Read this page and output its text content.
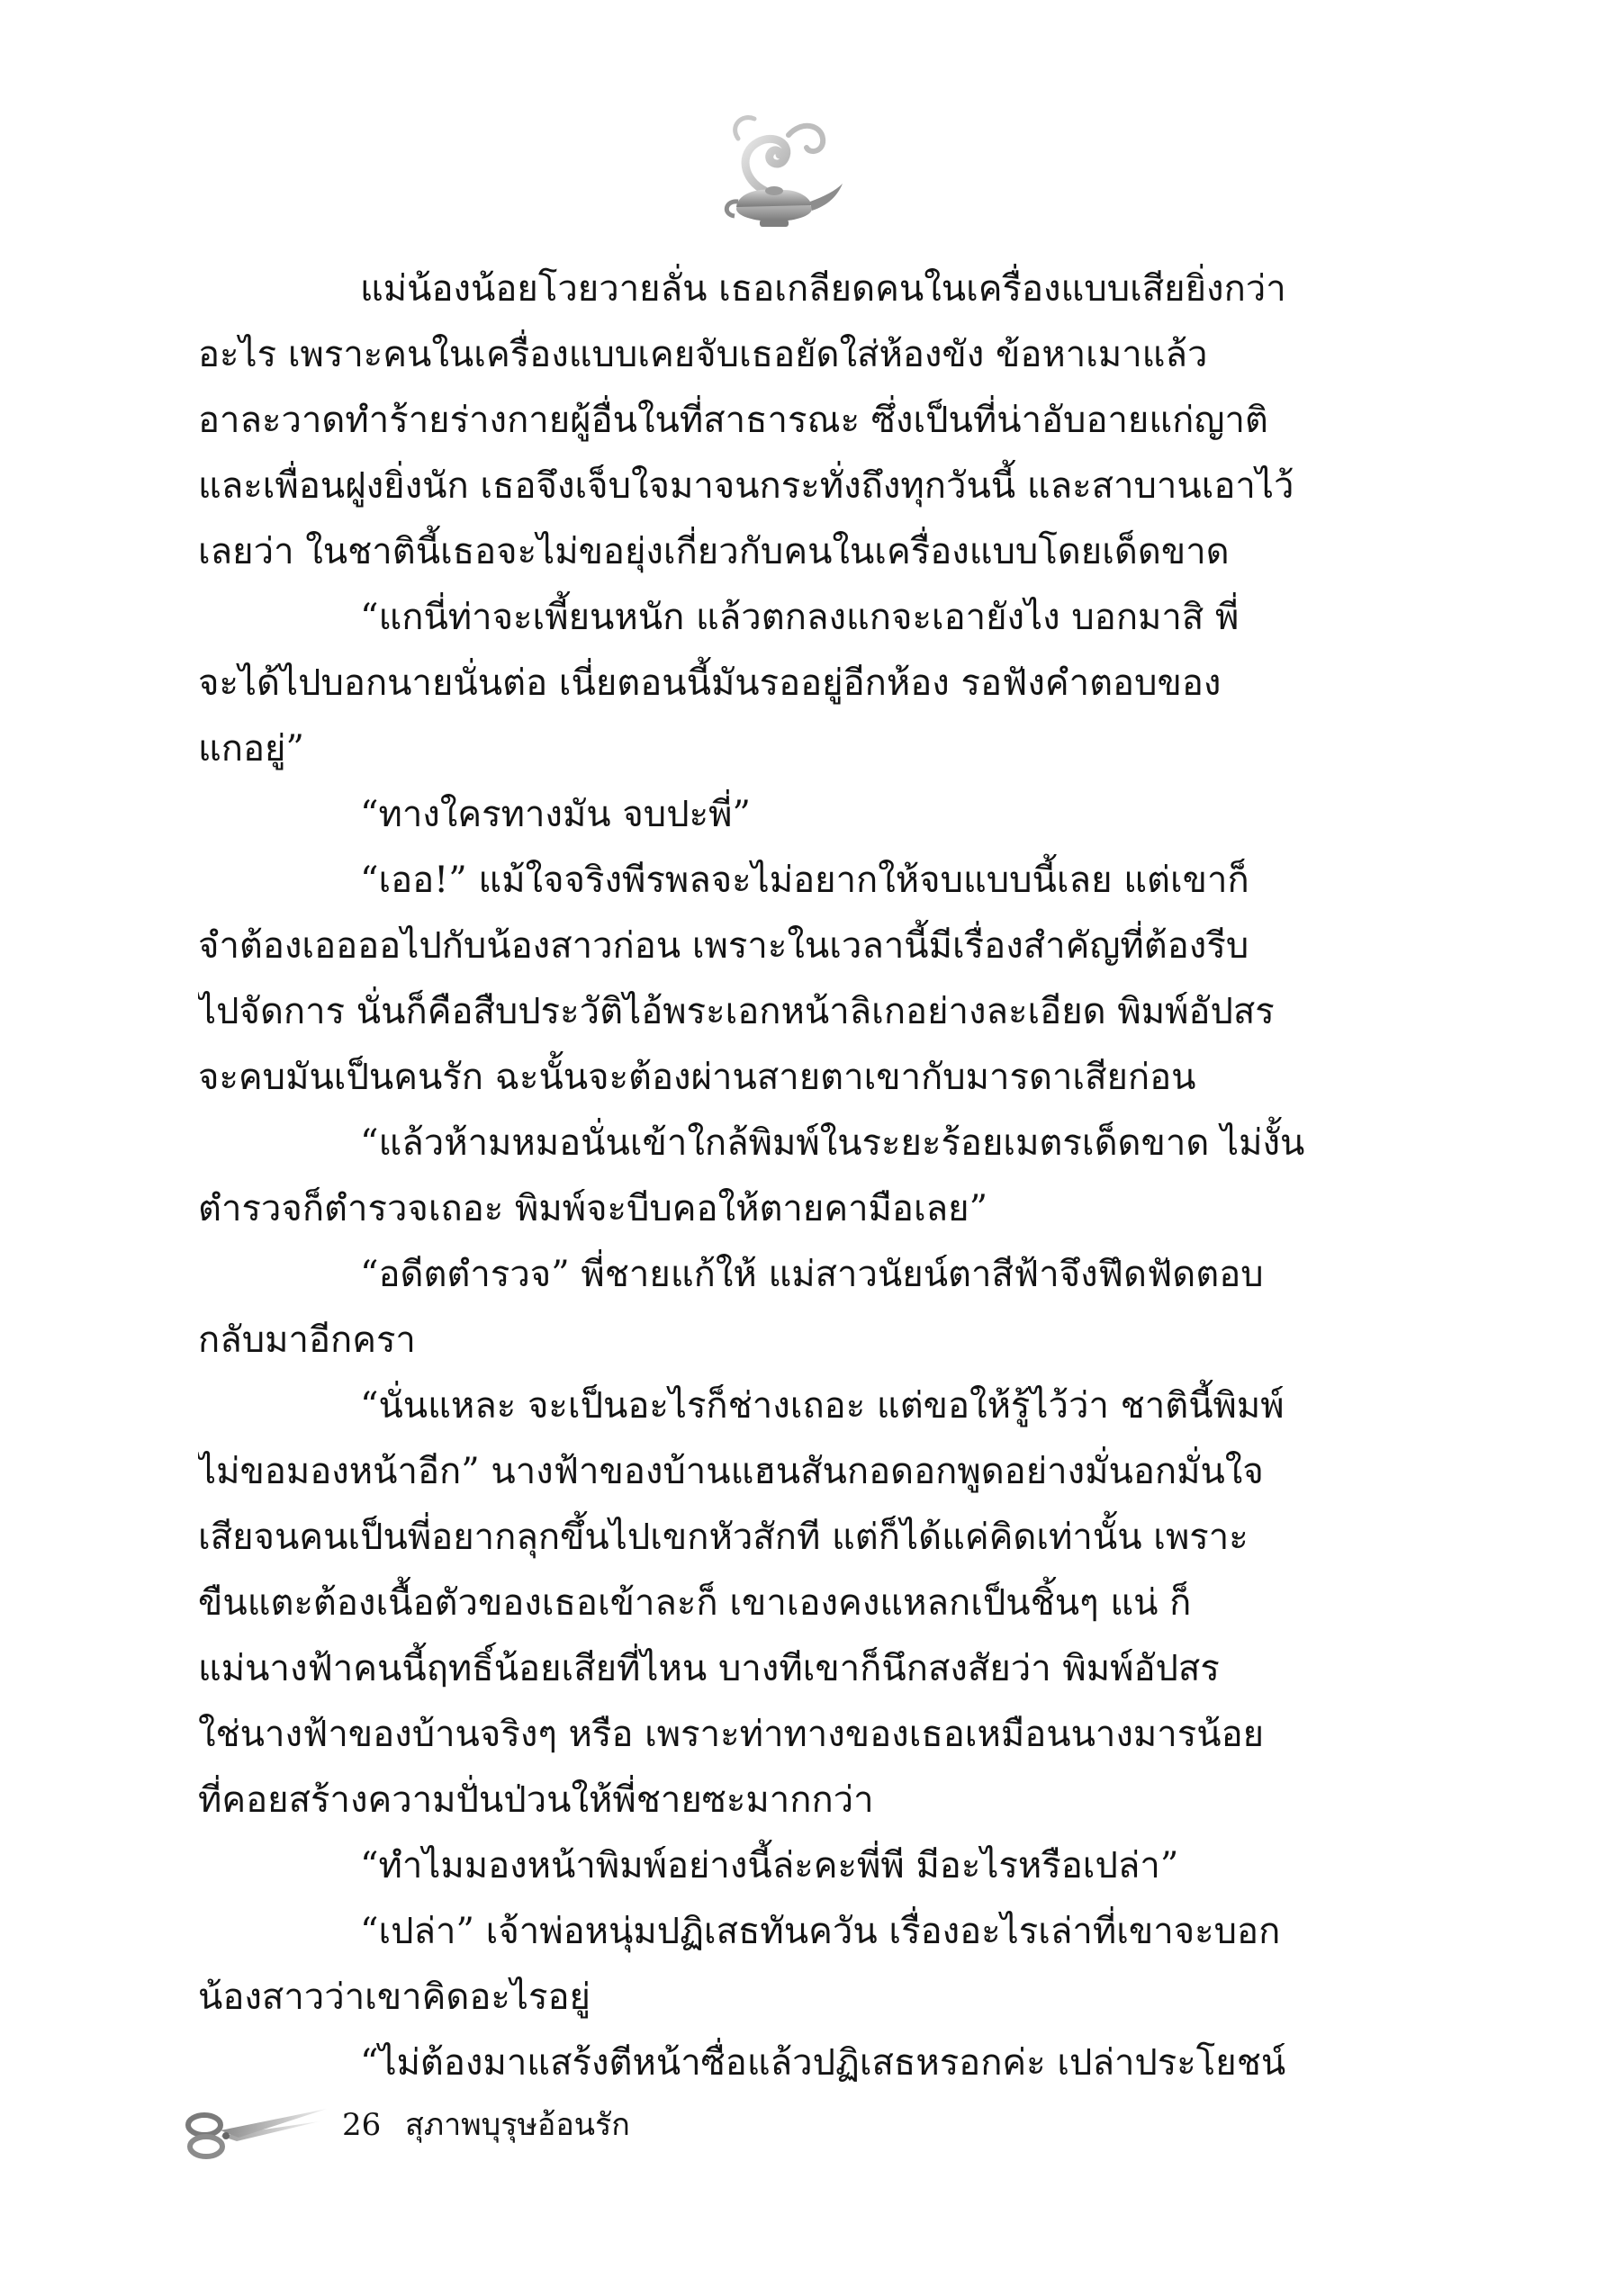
แม่น้องน้อยโวยวายลั่น เธอเกลียดคนในเครื่องแบบเสียยิ่งกว่า
อะไร เพราะคนในเครื่องแบบเคยจับเธอยัดใส่ห้องขัง ข้อหาเมาแล้ว
อาละวาดทำร้ายร่างกายผู้อื่นในที่สาธารณะ ซึ่งเป็นที่น่าอับอายแก่ญาติ
และเพื่อนฝูงยิ่งนัก เธอจึงเจ็บใจมาจนกระทั่งถึงทุกวันนี้ และสาบานเอาไว้
เลยว่า ในชาตินี้เธอจะไม่ขอยุ่งเกี่ยวกับคนในเครื่องแบบโดยเด็ดขาด

“แกนี่ท่าจะเพี้ยนหนัก แล้วตกลงแกจะเอายังไง บอกมาสิ พี่
จะได้ไปบอกนายนั่นต่อ เนี่ยตอนนี้มันรออยู่อีกห้อง รอฟังคำตอบของ
แกอยู่”

“ทางใครทางมัน จบปะพี่”

“เออ!” แม้ใจจริงพีรพลจะไม่อยากให้จบแบบนี้เลย แต่เขาก็
จำต้องเออออไปกับน้องสาวก่อน เพราะในเวลานี้มีเรื่องสำคัญที่ต้องรีบ
ไปจัดการ นั่นก็คือสืบประวัติไอ้พระเอกหน้าลิเกอย่างละเอียด พิมพ์อัปสร
จะคบมันเป็นคนรัก ฉะนั้นจะต้องผ่านสายตาเขากับมารดาเสียก่อน

“แล้วห้ามหมอนั่นเข้าใกล้พิมพ์ในระยะร้อยเมตรเด็ดขาด ไม่งั้น
ตำรวจก็ตำรวจเถอะ พิมพ์จะบีบคอให้ตายคามือเลย”

“อดีตตำรวจ” พี่ชายแก้ให้ แม่สาวนัยน์ตาสีฟ้าจึงฟึดฟัดตอบ
กลับมาอีกครา

“นั่นแหละ จะเป็นอะไรก็ช่างเถอะ แต่ขอให้รู้ไว้ว่า ชาตินี้พิมพ์
ไม่ขอมองหน้าอีก” นางฟ้าของบ้านแฮนสันกอดอกพูดอย่างมั่นอกมั่นใจ
เสียจนคนเป็นพี่อยากลุกขึ้นไปเขกหัวสักที แต่ก็ได้แค่คิดเท่านั้น เพราะ
ขืนแตะต้องเนื้อตัวของเธอเข้าละก็ เขาเองคงแหลกเป็นชิ้นๆ แน่ ก็
แม่นางฟ้าคนนี้ฤทธิ์น้อยเสียที่ไหน บางทีเขาก็นึกสงสัยว่า พิมพ์อัปสร
ใช่นางฟ้าของบ้านจริงๆ หรือ เพราะท่าทางของเธอเหมือนนางมารน้อย
ที่คอยสร้างความปั่นป่วนให้พี่ชายซะมากกว่า

“ทำไมมองหน้าพิมพ์อย่างนี้ล่ะคะพี่พี มีอะไรหรือเปล่า”

“เปล่า” เจ้าพ่อหนุ่มปฏิเสธทันควัน เรื่องอะไรเล่าที่เขาจะบอก
น้องสาวว่าเขาคิดอะไรอยู่

“ไม่ต้องมาแสร้งตีหน้าซื่อแล้วปฏิเสธหรอกค่ะ เปล่าประโยชน์

26 สุภาพบุรุษอ้อนรัก
